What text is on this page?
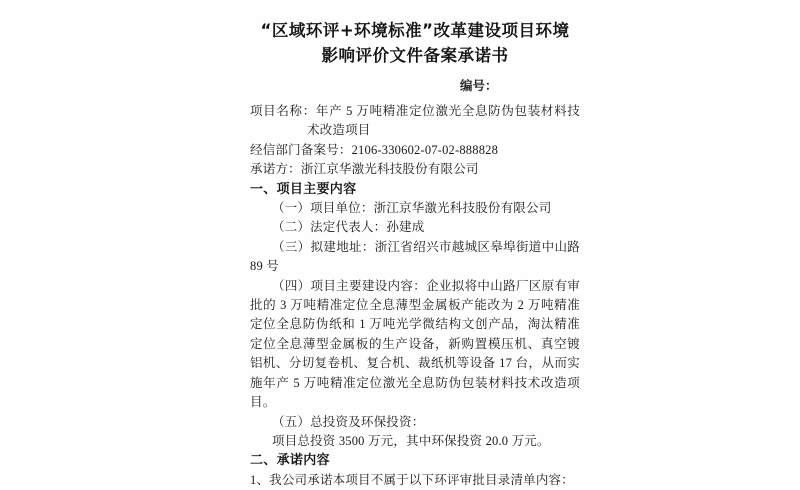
“区域环评+环境标准”改革建设项目环境
影响评价文件备案承诺书
编号：

项目名称：年产 5 万吨精准定位激光全息防伪包装材料技术改造项目

经信部门备案号：2106-330602-07-02-888828

承诺方：浙江京华激光科技股份有限公司

一、项目主要内容

（一）项目单位：浙江京华激光科技股份有限公司

（二）法定代表人：孙建成

（三）拟建地址：浙江省绍兴市越城区皋埠街道中山路 89 号

（四）项目主要建设内容：企业拟将中山路厂区原有审批的 3 万吨精准定位全息薄型金属板产能改为 2 万吨精准定位全息防伪纸和 1 万吨光学微结构文创产品，淘汰精准定位全息薄型金属板的生产设备，新购置模压机、真空镀铝机、分切复卷机、复合机、裁纸机等设备 17 台，从而实施年产 5 万吨精准定位激光全息防伪包装材料技术改造项目。

（五）总投资及环保投资：

项目总投资 3500 万元，其中环保投资 20.0 万元。

二、承诺内容

1、我公司承诺本项目不属于以下环评审批目录清单内容：
